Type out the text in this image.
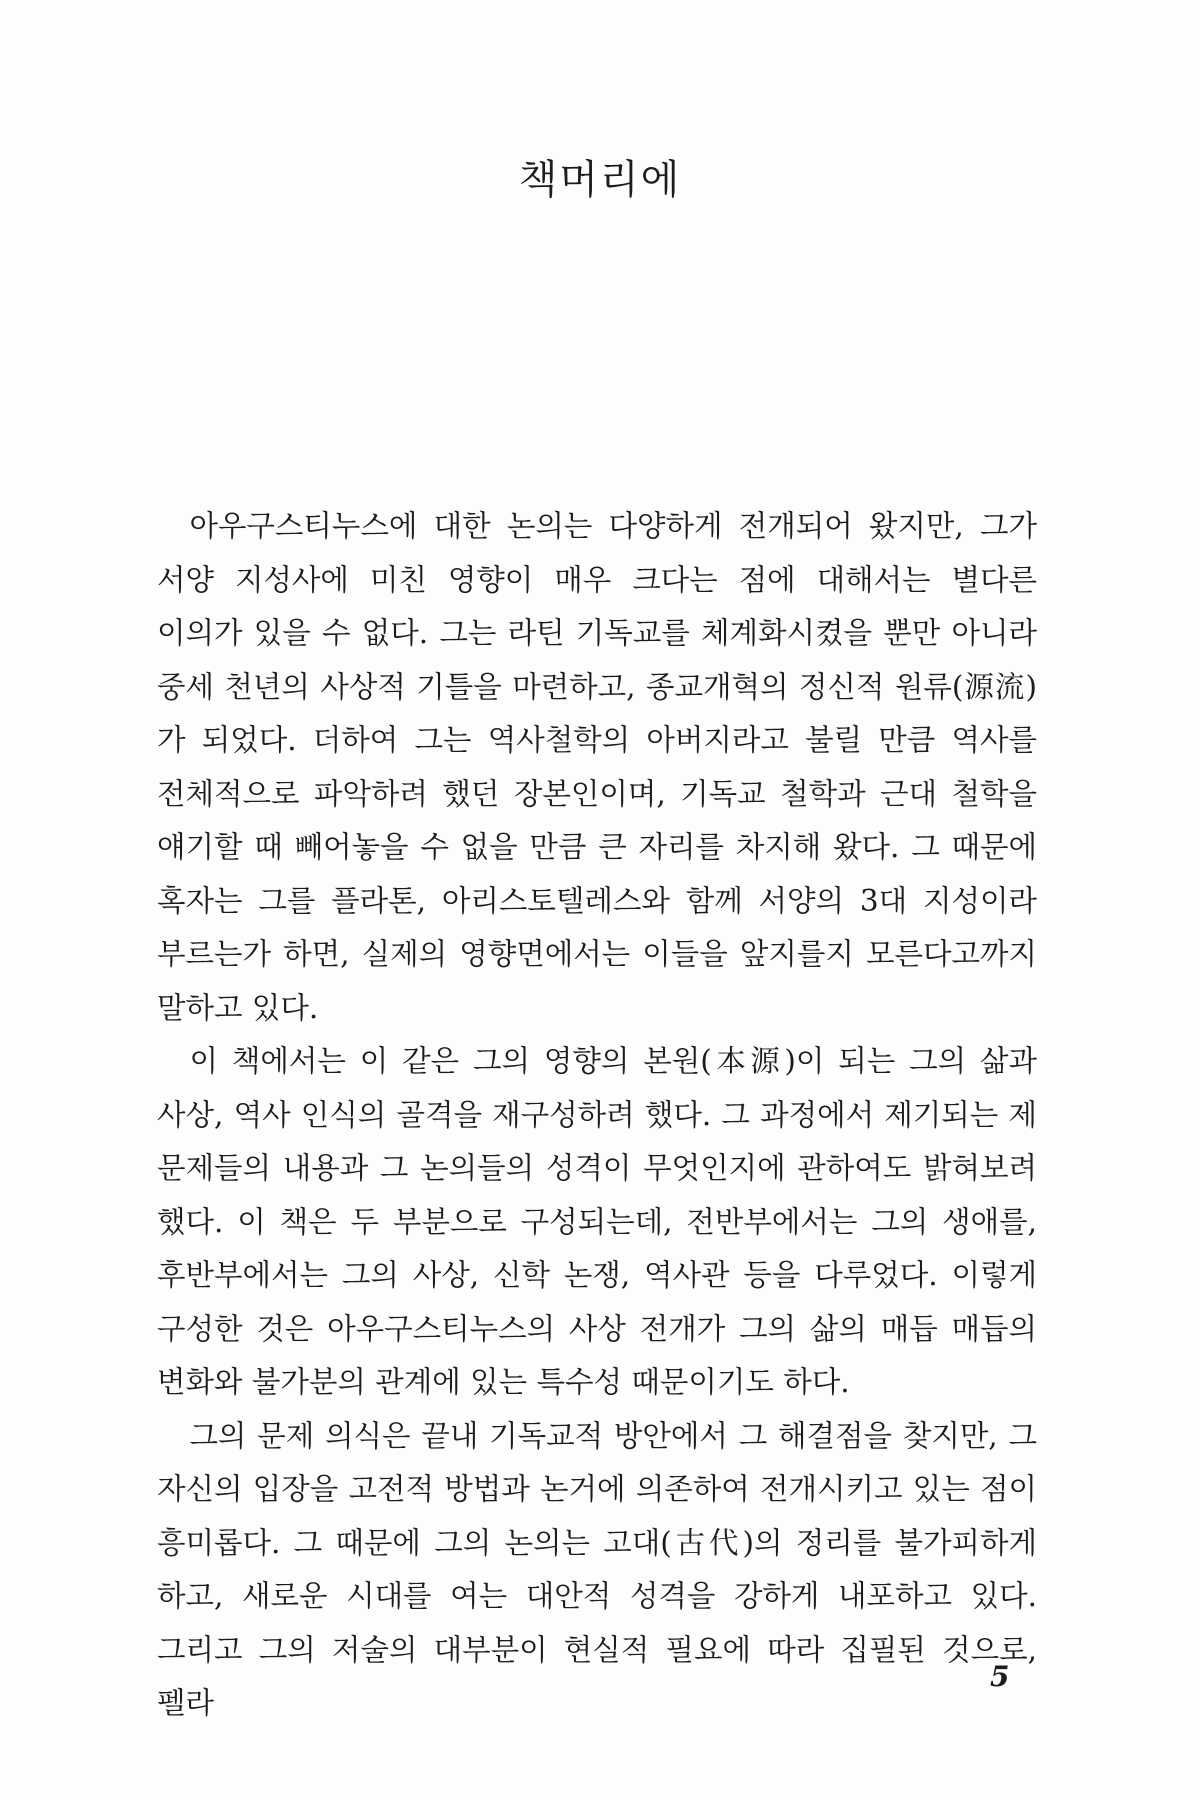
책머리에

아우구스티누스에 대한 논의는 다양하게 전개되어 왔지만, 그가 서양 지성사에 미친 영향이 매우 크다는 점에 대해서는 별다른 이의가 있을 수 없다. 그는 라틴 기독교를 체계화시켰을 뿐만 아니라 중세 천년의 사상적 기틀을 마련하고, 종교개혁의 정신적 원류(源流)가 되었다. 더하여 그는 역사철학의 아버지라고 불릴 만큼 역사를 전체적으로 파악하려 했던 장본인이며, 기독교 철학과 근대 철학을 얘기할 때 빼어놓을 수 없을 만큼 큰 자리를 차지해 왔다. 그 때문에 혹자는 그를 플라톤, 아리스토텔레스와 함께 서양의 3대 지성이라 부르는가 하면, 실제의 영향면에서는 이들을 앞지를지 모른다고까지 말하고 있다.

이 책에서는 이 같은 그의 영향의 본원(本源)이 되는 그의 삶과 사상, 역사 인식의 골격을 재구성하려 했다. 그 과정에서 제기되는 제 문제들의 내용과 그 논의들의 성격이 무엇인지에 관하여도 밝혀보려 했다. 이 책은 두 부분으로 구성되는데, 전반부에서는 그의 생애를, 후반부에서는 그의 사상, 신학 논쟁, 역사관 등을 다루었다. 이렇게 구성한 것은 아우구스티누스의 사상 전개가 그의 삶의 매듭 매듭의 변화와 불가분의 관계에 있는 특수성 때문이기도 하다.

그의 문제 의식은 끝내 기독교적 방안에서 그 해결점을 찾지만, 그 자신의 입장을 고전적 방법과 논거에 의존하여 전개시키고 있는 점이 흥미롭다. 그 때문에 그의 논의는 고대(古代)의 정리를 불가피하게 하고, 새로운 시대를 여는 대안적 성격을 강하게 내포하고 있다. 그리고 그의 저술의 대부분이 현실적 필요에 따라 집필된 것으로, 펠라

5
